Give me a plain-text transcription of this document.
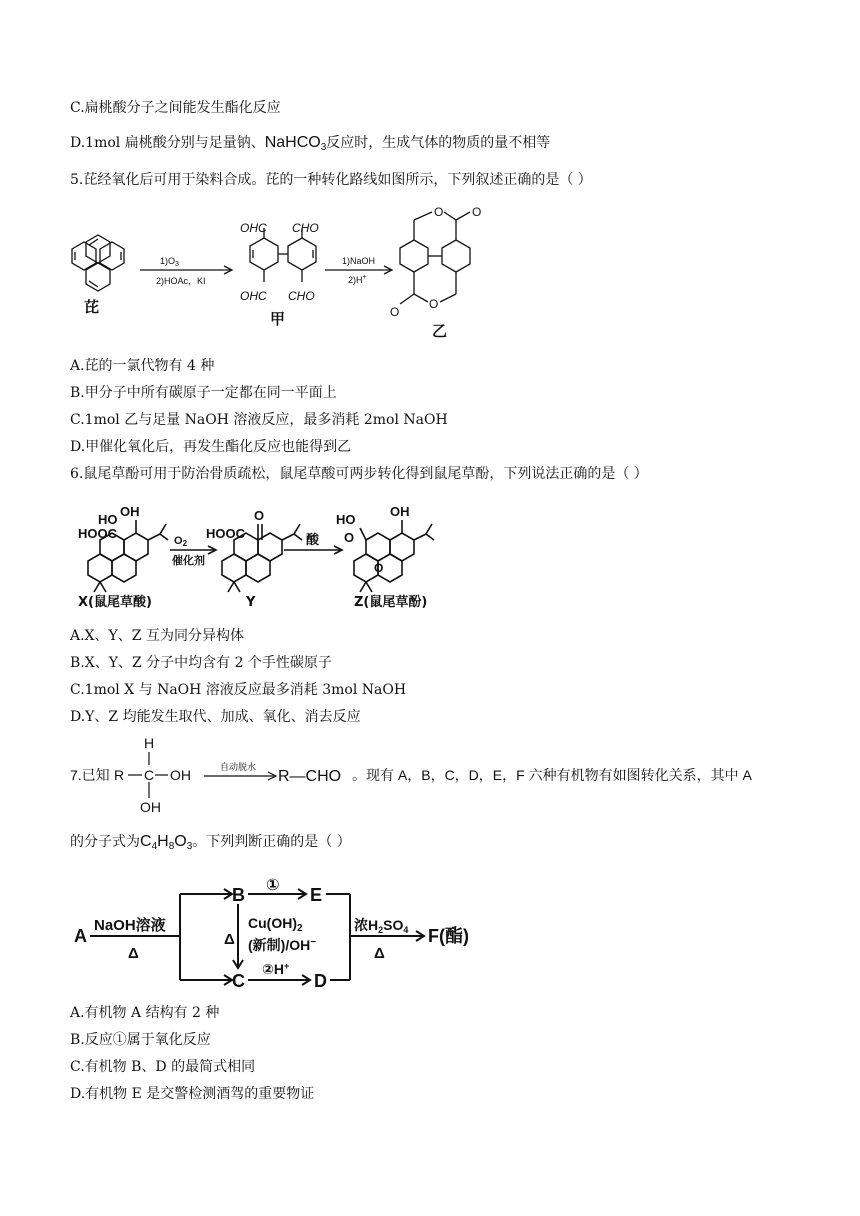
C.扁桃酸分子之间能发生酯化反应
D.1mol 扁桃酸分别与足量钠、NaHCO$_3$反应时，生成气体的物质的量不相等
5.芘经氧化后可用于染料合成。芘的一种转化路线如图所示，下列叙述正确的是（ ）
芘
$1)O_3$
2)HOAc，KI
OHC CHO
OHC CHO
甲
1)NaOH
2)H+
O O
O
O
乙
A.芘的一氯代物有 4 种
B.甲分子中所有碳原子一定都在同一平面上
C.1mol 乙与足量 NaOH 溶液反应，最多消耗 2mol NaOH
D.甲催化氧化后，再发生酯化反应也能得到乙
6.鼠尾草酚可用于防治骨质疏松，鼠尾草酸可两步转化得到鼠尾草酚，下列说法正确的是（ ）
HOOC
OH
HO
O2
催化剂
HOOC
O
酸
HO
OH
O
O
X(鼠尾草酸)	Y	Z(鼠尾草酚)
A.X、Y、Z 互为同分异构体
B.X、Y、Z 分子中均含有 2 个手性碳原子
C.1mol X 与 NaOH 溶液反应最多消耗 3mol NaOH
D.Y、Z 均能发生取代、加成、氧化、消去反应
7.已知
H
R C OH
OH
自动脱水
R—CHO 。现有 A，B，C，D，E，F 六种有机物有如图转化关系，其中 A
的分子式为$C_4H_8O_3$。下列判断正确的是（ ）
A
NaOH溶液
Δ
B ① E
$Cu(OH)_2$
Δ (新制)/OH−
C
②H+
D
浓$H_2SO_4$
Δ
F(酯)
A.有机物 A 结构有 2 种
B.反应①属于氧化反应
C.有机物 B、D 的最简式相同
D.有机物 E 是交警检测酒驾的重要物证
